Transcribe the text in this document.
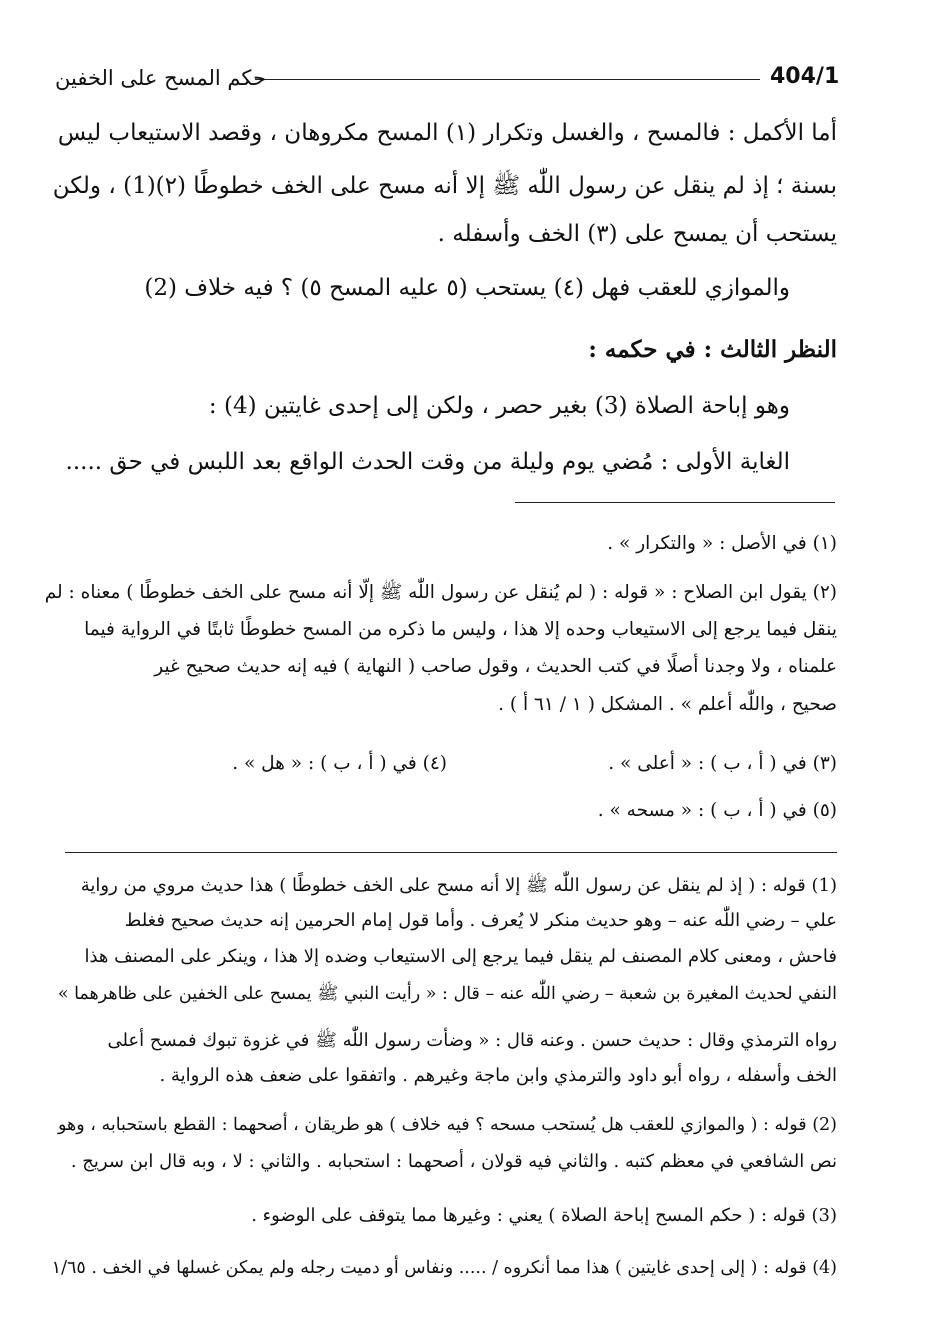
404/1
حكم المسح على الخفين
أما الأكمل : فالمسح ، والغسل وتكرار (١) المسح مكروهان ، وقصد الاستيعاب ليس
بسنة ؛ إذ لم ينقل عن رسول اللّٰه ﷺ إلا أنه مسح على الخف خطوطًا (٢)(1) ، ولكن
يستحب أن يمسح على (٣) الخف وأسفله .
والموازي للعقب فهل (٤) يستحب (٥ عليه المسح ٥) ؟ فيه خلاف (2)
النظر الثالث : في حكمه :
وهو إباحة الصلاة (3) بغير حصر ، ولكن إلى إحدى غايتين (4) :
الغاية الأولى : مُضي يوم وليلة من وقت الحدث الواقع بعد اللبس في حق .....
(١) في الأصل : « والتكرار » .
(٢) يقول ابن الصلاح : « قوله : ( لم يُنقل عن رسول اللّٰه ﷺ إلّا أنه مسح على الخف خطوطًا ) معناه : لم
ينقل فيما يرجع إلى الاستيعاب وحده إلا هذا ، وليس ما ذكره من المسح خطوطًا ثابتًا في الرواية فيما
علمناه ، ولا وجدنا أصلًا في كتب الحديث ، وقول صاحب ( النهاية ) فيه إنه حديث صحيح غير
صحيح ، واللّٰه أعلم » . المشكل ( ١ / ٦١ أ ) .
(٣) في ( أ ، ب ) : « أعلى » .
(٤) في ( أ ، ب ) : « هل » .
(٥) في ( أ ، ب ) : « مسحه » .
(1) قوله : ( إذ لم ينقل عن رسول اللّٰه ﷺ إلا أنه مسح على الخف خطوطًا ) هذا حديث مروي من رواية
علي – رضي اللّٰه عنه – وهو حديث منكر لا يُعرف . وأما قول إمام الحرمين إنه حديث صحيح فغلط
فاحش ، ومعنى كلام المصنف لم ينقل فيما يرجع إلى الاستيعاب وضده إلا هذا ، وينكر على المصنف هذا
النفي لحديث المغيرة بن شعبة – رضي اللّٰه عنه – قال : « رأيت النبي ﷺ يمسح على الخفين على ظاهرهما »
رواه الترمذي وقال : حديث حسن . وعنه قال : « وضأت رسول اللّٰه ﷺ في غزوة تبوك فمسح أعلى
الخف وأسفله ، رواه أبو داود والترمذي وابن ماجة وغيرهم . واتفقوا على ضعف هذه الرواية .
(2) قوله : ( والموازي للعقب هل يُستحب مسحه ؟ فيه خلاف ) هو طريقان ، أصحهما : القطع باستحبابه ، وهو
نص الشافعي في معظم كتبه . والثاني فيه قولان ، أصحهما : استحبابه . والثاني : لا ، وبه قال ابن سريج .
(3) قوله : ( حكم المسح إباحة الصلاة ) يعني : وغيرها مما يتوقف على الوضوء .
(4) قوله : ( إلى إحدى غايتين ) هذا مما أنكروه / ..... ونفاس أو دميت رجله ولم يمكن غسلها في الخف . ١/٦٥
